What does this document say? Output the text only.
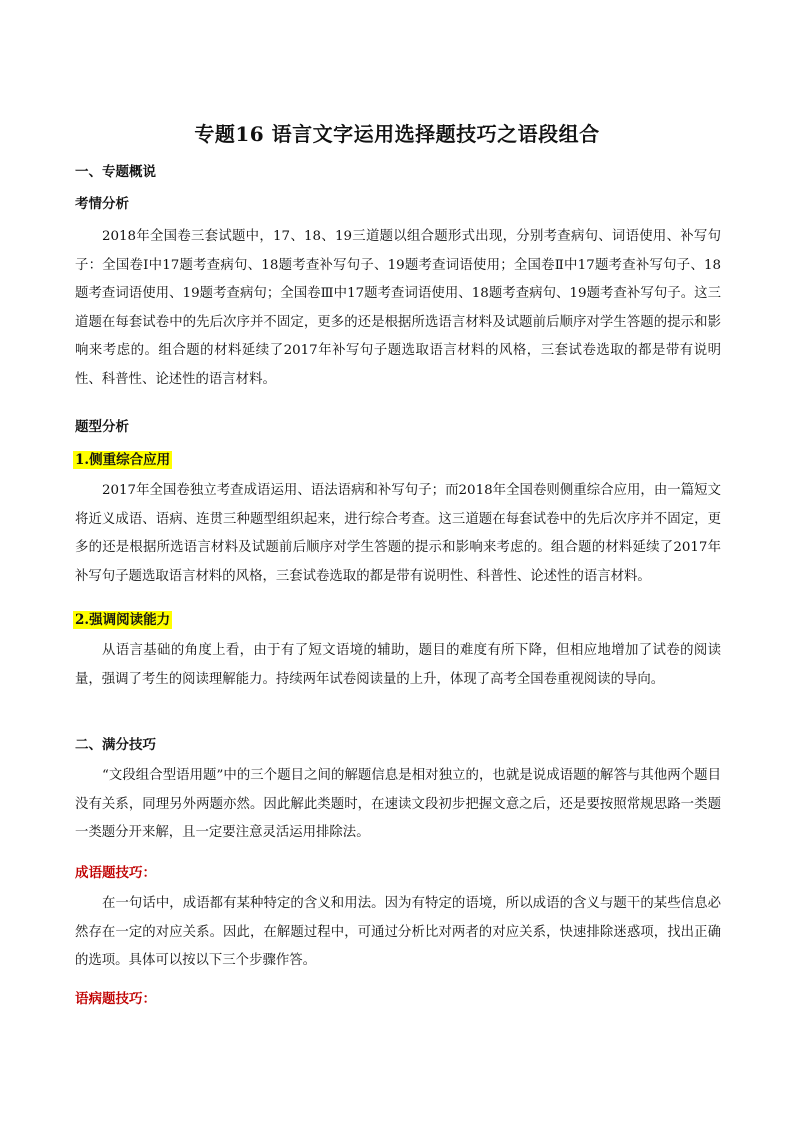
专题16 语言文字运用选择题技巧之语段组合
一、专题概说
考情分析

2018年全国卷三套试题中，17、18、19三道题以组合题形式出现，分别考查病句、词语使用、补写句子：全国卷Ⅰ中17题考查病句、18题考查补写句子、19题考查词语使用；全国卷Ⅱ中17题考查补写句子、18题考查词语使用、19题考查病句；全国卷Ⅲ中17题考查词语使用、18题考查病句、19题考查补写句子。这三道题在每套试卷中的先后次序并不固定，更多的还是根据所选语言材料及试题前后顺序对学生答题的提示和影响来考虑的。组合题的材料延续了2017年补写句子题选取语言材料的风格，三套试卷选取的都是带有说明性、科普性、论述性的语言材料。

题型分析
1.侧重综合应用

2017年全国卷独立考查成语运用、语法语病和补写句子；而2018年全国卷则侧重综合应用，由一篇短文将近义成语、语病、连贯三种题型组织起来，进行综合考查。这三道题在每套试卷中的先后次序并不固定，更多的还是根据所选语言材料及试题前后顺序对学生答题的提示和影响来考虑的。组合题的材料延续了2017年补写句子题选取语言材料的风格，三套试卷选取的都是带有说明性、科普性、论述性的语言材料。

2.强调阅读能力

从语言基础的角度上看，由于有了短文语境的辅助，题目的难度有所下降，但相应地增加了试卷的阅读量，强调了考生的阅读理解能力。持续两年试卷阅读量的上升，体现了高考全国卷重视阅读的导向。

二、满分技巧

“文段组合型语用题”中的三个题目之间的解题信息是相对独立的，也就是说成语题的解答与其他两个题目没有关系，同理另外两题亦然。因此解此类题时，在速读文段初步把握文意之后，还是要按照常规思路一类题一类题分开来解，且一定要注意灵活运用排除法。

成语题技巧：

在一句话中，成语都有某种特定的含义和用法。因为有特定的语境，所以成语的含义与题干的某些信息必然存在一定的对应关系。因此，在解题过程中，可通过分析比对两者的对应关系，快速排除迷惑项，找出正确的选项。具体可以按以下三个步骤作答。

语病题技巧：
